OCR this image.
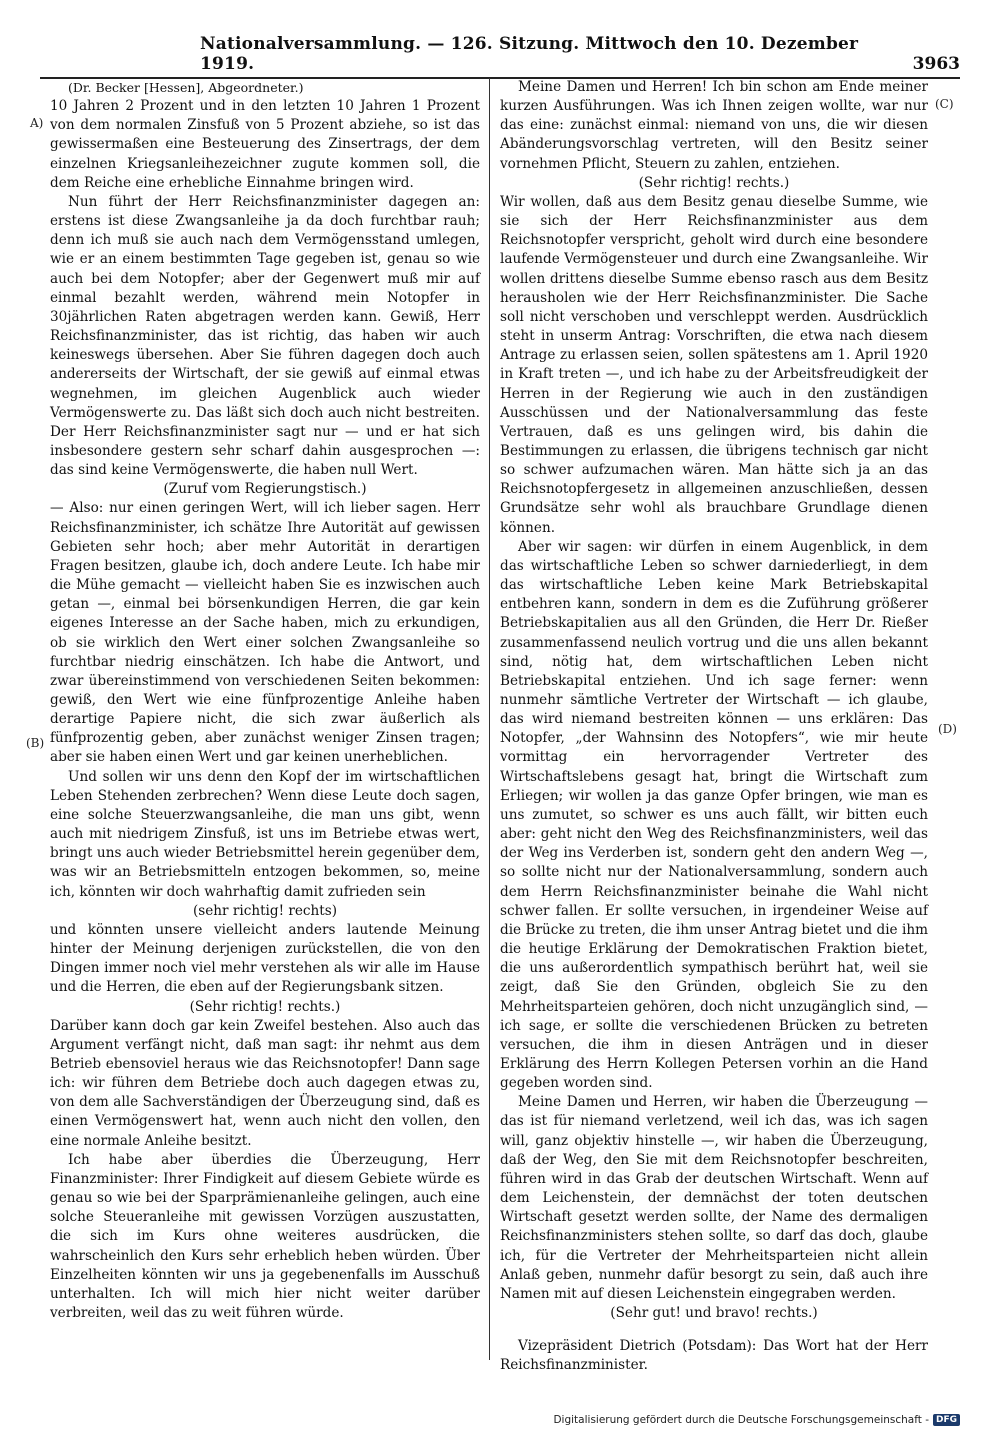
Nationalversammlung. — 126. Sitzung. Mittwoch den 10. Dezember 1919.	3963
A)
(B)
(C)
(D)

(Dr. Becker [Hessen], Abgeordneter.)

10 Jahren 2 Prozent und in den letzten 10 Jahren 1 Prozent von dem normalen Zinsfuß von 5 Prozent abziehe, so ist das gewissermaßen eine Besteuerung des Zinsertrags, der dem einzelnen Kriegsanleihezeichner zugute kommen soll, die dem Reiche eine erhebliche Einnahme bringen wird.

Nun führt der Herr Reichsfinanzminister dagegen an: erstens ist diese Zwangsanleihe ja da doch furchtbar rauh; denn ich muß sie auch nach dem Vermögensstand umlegen, wie er an einem bestimmten Tage gegeben ist, genau so wie auch bei dem Notopfer; aber der Gegenwert muß mir auf einmal bezahlt werden, während mein Notopfer in 30jährlichen Raten abgetragen werden kann. Gewiß, Herr Reichsfinanzminister, das ist richtig, das haben wir auch keineswegs übersehen. Aber Sie führen dagegen doch auch andererseits der Wirtschaft, der sie gewiß auf einmal etwas wegnehmen, im gleichen Augenblick auch wieder Vermögenswerte zu. Das läßt sich doch auch nicht bestreiten. Der Herr Reichsfinanzminister sagt nur — und er hat sich insbesondere gestern sehr scharf dahin ausgesprochen —: das sind keine Vermögenswerte, die haben null Wert.

(Zuruf vom Regierungstisch.)

— Also: nur einen geringen Wert, will ich lieber sagen. Herr Reichsfinanzminister, ich schätze Ihre Autorität auf gewissen Gebieten sehr hoch; aber mehr Autorität in derartigen Fragen besitzen, glaube ich, doch andere Leute. Ich habe mir die Mühe gemacht — vielleicht haben Sie es inzwischen auch getan —, einmal bei börsenkundigen Herren, die gar kein eigenes Interesse an der Sache haben, mich zu erkundigen, ob sie wirklich den Wert einer solchen Zwangsanleihe so furchtbar niedrig einschätzen. Ich habe die Antwort, und zwar übereinstimmend von verschiedenen Seiten bekommen: gewiß, den Wert wie eine fünfprozentige Anleihe haben derartige Papiere nicht, die sich zwar äußerlich als fünfprozentig geben, aber zunächst weniger Zinsen tragen; aber sie haben einen Wert und gar keinen unerheblichen.

Und sollen wir uns denn den Kopf der im wirtschaftlichen Leben Stehenden zerbrechen? Wenn diese Leute doch sagen, eine solche Steuerzwangsanleihe, die man uns gibt, wenn auch mit niedrigem Zinsfuß, ist uns im Betriebe etwas wert, bringt uns auch wieder Betriebsmittel herein gegenüber dem, was wir an Betriebsmitteln entzogen bekommen, so, meine ich, könnten wir doch wahrhaftig damit zufrieden sein

(sehr richtig! rechts)

und könnten unsere vielleicht anders lautende Meinung hinter der Meinung derjenigen zurückstellen, die von den Dingen immer noch viel mehr verstehen als wir alle im Hause und die Herren, die eben auf der Regierungsbank sitzen.

(Sehr richtig! rechts.)

Darüber kann doch gar kein Zweifel bestehen. Also auch das Argument verfängt nicht, daß man sagt: ihr nehmt aus dem Betrieb ebensoviel heraus wie das Reichsnotopfer! Dann sage ich: wir führen dem Betriebe doch auch dagegen etwas zu, von dem alle Sachverständigen der Überzeugung sind, daß es einen Vermögenswert hat, wenn auch nicht den vollen, den eine normale Anleihe besitzt.

Ich habe aber überdies die Überzeugung, Herr Finanzminister: Ihrer Findigkeit auf diesem Gebiete würde es genau so wie bei der Sparprämienanleihe gelingen, auch eine solche Steueranleihe mit gewissen Vorzügen auszustatten, die sich im Kurs ohne weiteres ausdrücken, die wahrscheinlich den Kurs sehr erheblich heben würden. Über Einzelheiten könnten wir uns ja gegebenenfalls im Ausschuß unterhalten. Ich will mich hier nicht weiter darüber verbreiten, weil das zu weit führen würde.

Meine Damen und Herren! Ich bin schon am Ende meiner kurzen Ausführungen. Was ich Ihnen zeigen wollte, war nur das eine: zunächst einmal: niemand von uns, die wir diesen Abänderungsvorschlag vertreten, will den Besitz seiner vornehmen Pflicht, Steuern zu zahlen, entziehen.

(Sehr richtig! rechts.)

Wir wollen, daß aus dem Besitz genau dieselbe Summe, wie sie sich der Herr Reichsfinanzminister aus dem Reichsnotopfer verspricht, geholt wird durch eine besondere laufende Vermögensteuer und durch eine Zwangsanleihe. Wir wollen drittens dieselbe Summe ebenso rasch aus dem Besitz herausholen wie der Herr Reichsfinanzminister. Die Sache soll nicht verschoben und verschleppt werden. Ausdrücklich steht in unserm Antrag: Vorschriften, die etwa nach diesem Antrage zu erlassen seien, sollen spätestens am 1. April 1920 in Kraft treten —, und ich habe zu der Arbeitsfreudigkeit der Herren in der Regierung wie auch in den zuständigen Ausschüssen und der Nationalversammlung das feste Vertrauen, daß es uns gelingen wird, bis dahin die Bestimmungen zu erlassen, die übrigens technisch gar nicht so schwer aufzumachen wären. Man hätte sich ja an das Reichsnotopfergesetz in allgemeinen anzuschließen, dessen Grundsätze sehr wohl als brauchbare Grundlage dienen können.

Aber wir sagen: wir dürfen in einem Augenblick, in dem das wirtschaftliche Leben so schwer darniederliegt, in dem das wirtschaftliche Leben keine Mark Betriebskapital entbehren kann, sondern in dem es die Zuführung größerer Betriebskapitalien aus all den Gründen, die Herr Dr. Rießer zusammenfassend neulich vortrug und die uns allen bekannt sind, nötig hat, dem wirtschaftlichen Leben nicht Betriebskapital entziehen. Und ich sage ferner: wenn nunmehr sämtliche Vertreter der Wirtschaft — ich glaube, das wird niemand bestreiten können — uns erklären: Das Notopfer, „der Wahnsinn des Notopfers“, wie mir heute vormittag ein hervorragender Vertreter des Wirtschaftslebens gesagt hat, bringt die Wirtschaft zum Erliegen; wir wollen ja das ganze Opfer bringen, wie man es uns zumutet, so schwer es uns auch fällt, wir bitten euch aber: geht nicht den Weg des Reichsfinanzministers, weil das der Weg ins Verderben ist, sondern geht den andern Weg —, so sollte nicht nur der Nationalversammlung, sondern auch dem Herrn Reichsfinanzminister beinahe die Wahl nicht schwer fallen. Er sollte versuchen, in irgendeiner Weise auf die Brücke zu treten, die ihm unser Antrag bietet und die ihm die heutige Erklärung der Demokratischen Fraktion bietet, die uns außerordentlich sympathisch berührt hat, weil sie zeigt, daß Sie den Gründen, obgleich Sie zu den Mehrheitsparteien gehören, doch nicht unzugänglich sind, — ich sage, er sollte die verschiedenen Brücken zu betreten versuchen, die ihm in diesen Anträgen und in dieser Erklärung des Herrn Kollegen Petersen vorhin an die Hand gegeben worden sind.

Meine Damen und Herren, wir haben die Überzeugung — das ist für niemand verletzend, weil ich das, was ich sagen will, ganz objektiv hinstelle —, wir haben die Überzeugung, daß der Weg, den Sie mit dem Reichsnotopfer beschreiten, führen wird in das Grab der deutschen Wirtschaft. Wenn auf dem Leichenstein, der demnächst der toten deutschen Wirtschaft gesetzt werden sollte, der Name des dermaligen Reichsfinanzministers stehen sollte, so darf das doch, glaube ich, für die Vertreter der Mehrheitsparteien nicht allein Anlaß geben, nunmehr dafür besorgt zu sein, daß auch ihre Namen mit auf diesen Leichenstein eingegraben werden.

(Sehr gut! und bravo! rechts.)

Vizepräsident Dietrich (Potsdam): Das Wort hat der Herr Reichsfinanzminister.

Digitalisierung gefördert durch die Deutsche Forschungsgemeinschaft - DFG
